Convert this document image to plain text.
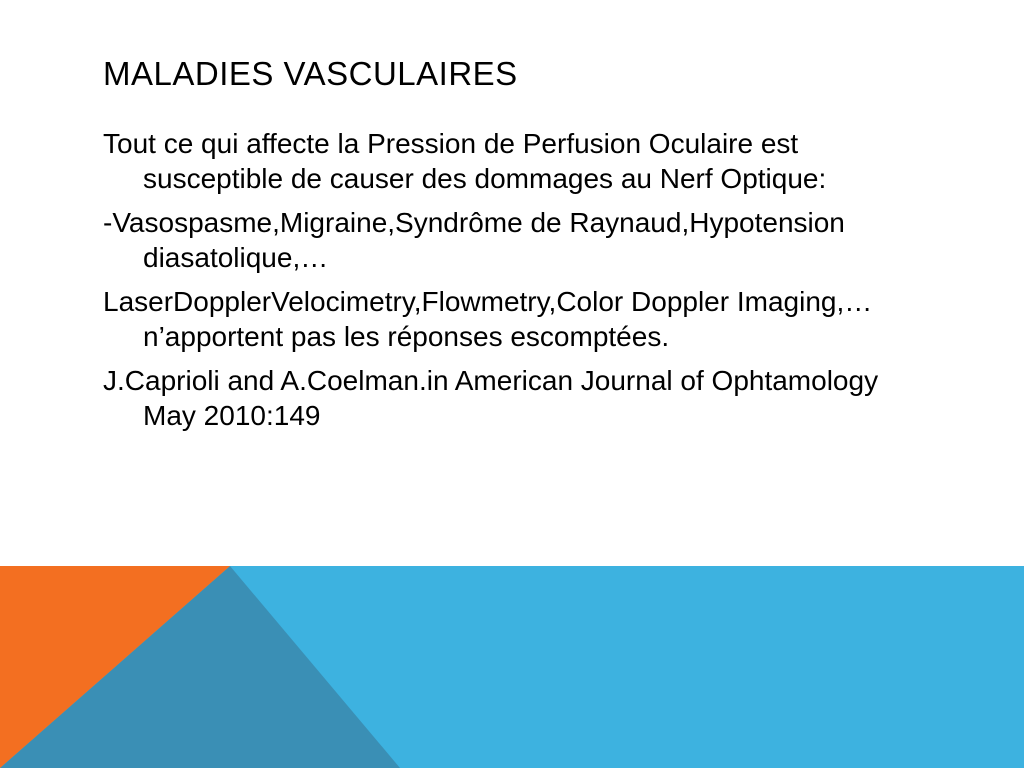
MALADIES VASCULAIRES

Tout ce qui affecte la Pression de Perfusion Oculaire est susceptible de causer des dommages au Nerf Optique:

-Vasospasme,Migraine,Syndrôme de Raynaud,Hypotension diasatolique,…

LaserDopplerVelocimetry,Flowmetry,Color Doppler Imaging,…n’apportent pas les réponses escomptées.

J.Caprioli and A.Coelman.in American Journal of Ophtamology May 2010:149
